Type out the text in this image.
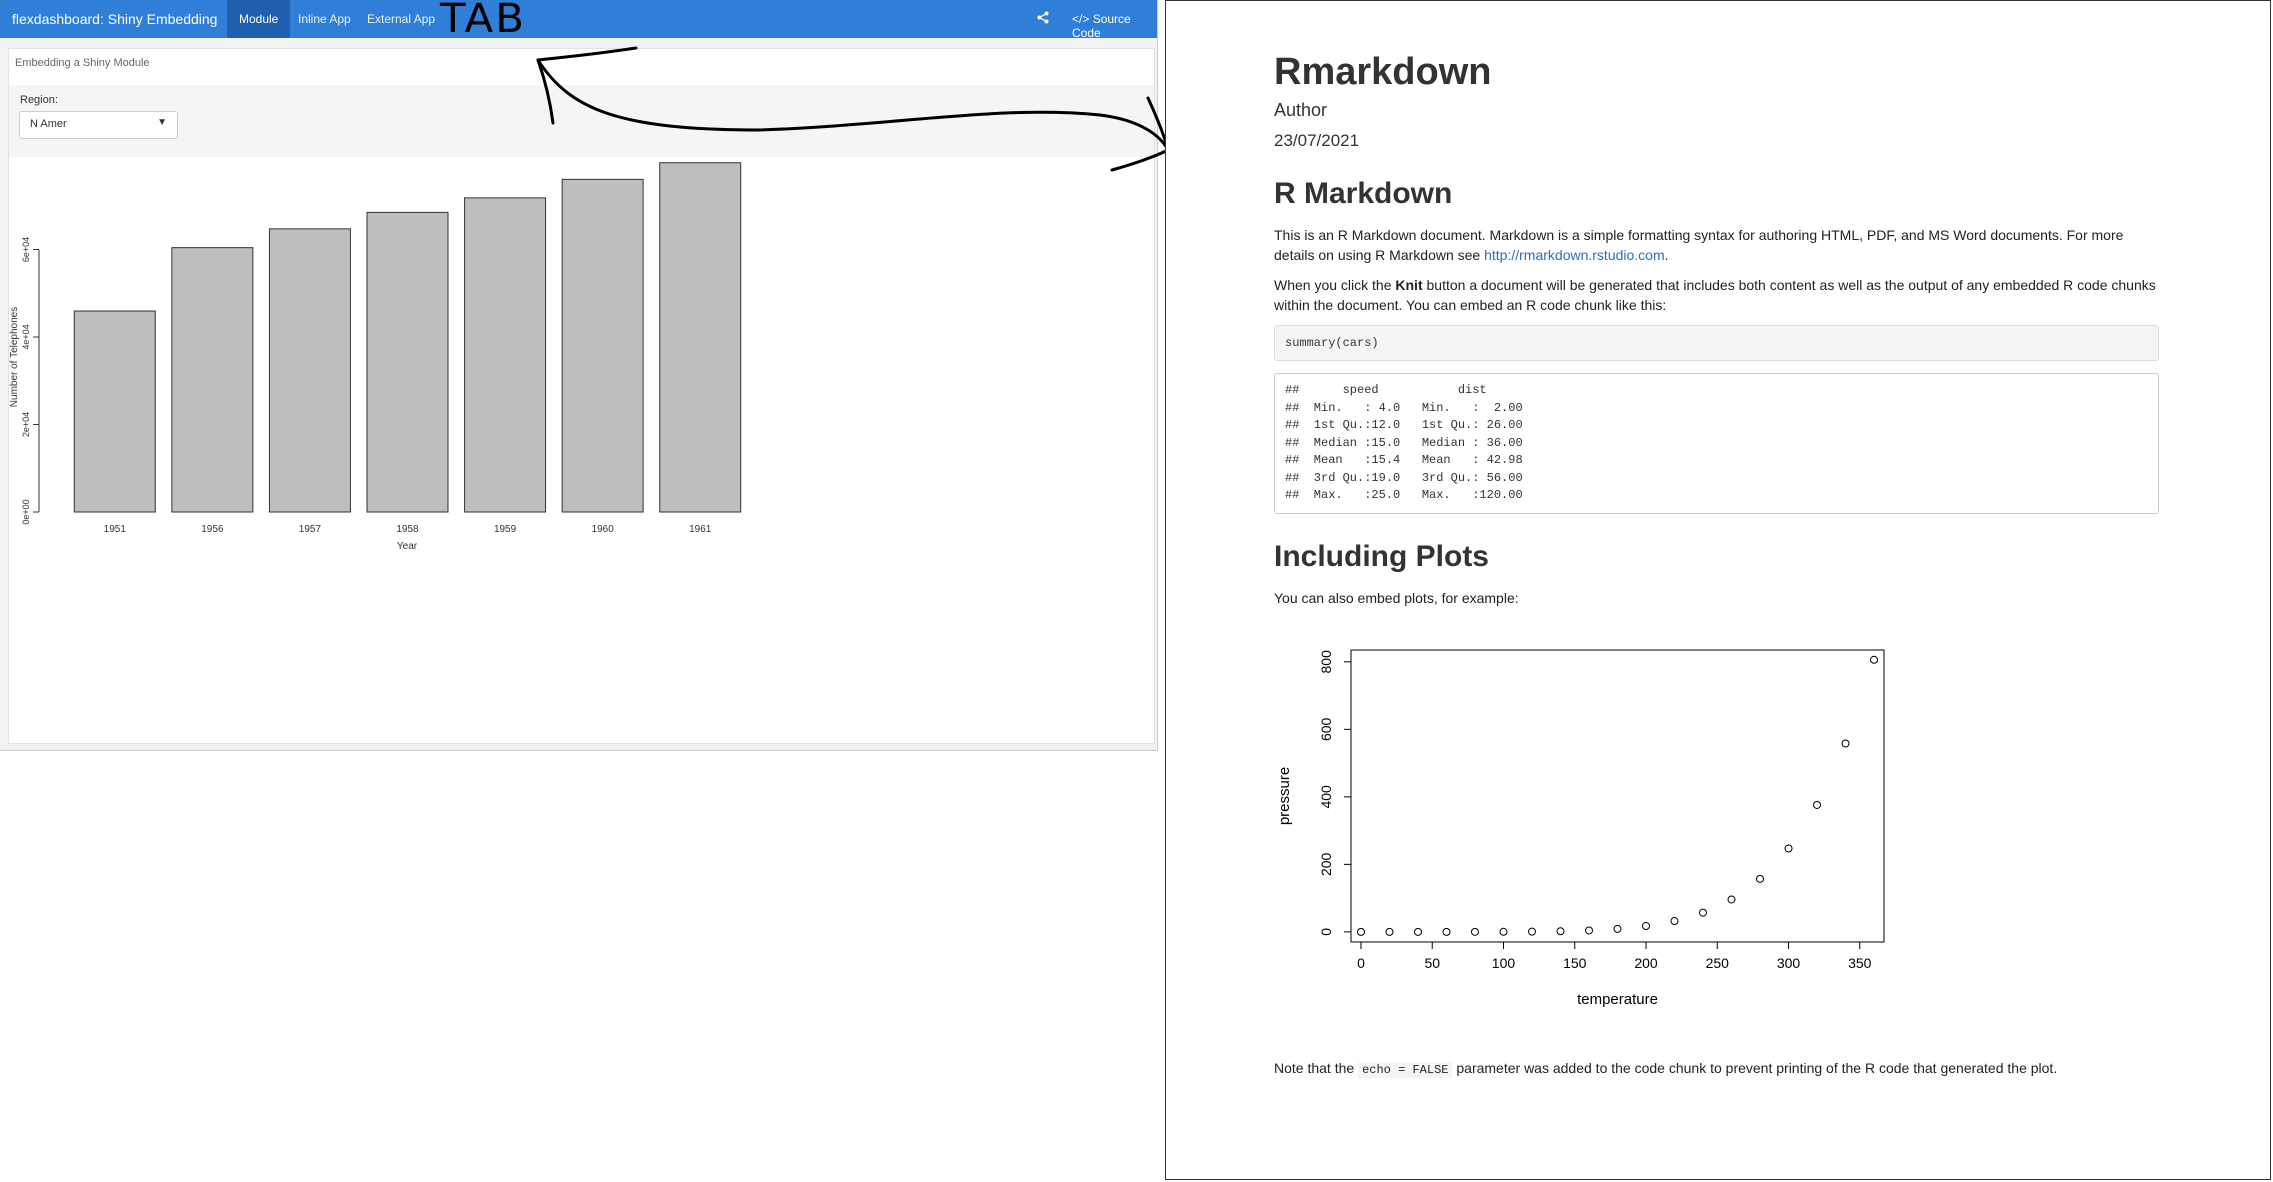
flexdashboard: Shiny Embedding	Module	Inline App	External App	</> Source Code
Embedding a Shiny Module
Region:
N Amer	▼
1951	1956	1957	1958	1959	1960	1961
0e+00
2e+04
4e+04
6e+04
Number of Telephones
Year
TAB
Rmarkdown
Author
23/07/2021
R Markdown

This is an R Markdown document. Markdown is a simple formatting syntax for authoring HTML, PDF, and MS Word documents. For more details on using R Markdown see http://rmarkdown.rstudio.com.

When you click the Knit button a document will be generated that includes both content as well as the output of any embedded R code chunks within the document. You can embed an R code chunk like this:

summary(cars)
##      speed           dist
##  Min.   : 4.0   Min.   :  2.00
##  1st Qu.:12.0   1st Qu.: 26.00
##  Median :15.0   Median : 36.00
##  Mean   :15.4   Mean   : 42.98
##  3rd Qu.:19.0   3rd Qu.: 56.00
##  Max.   :25.0   Max.   :120.00
Including Plots

You can also embed plots, for example:

0	50	100	150	200	250	300	350
0
200
400
600
800
temperature
pressure

Note that the echo = FALSE parameter was added to the code chunk to prevent printing of the R code that generated the plot.
